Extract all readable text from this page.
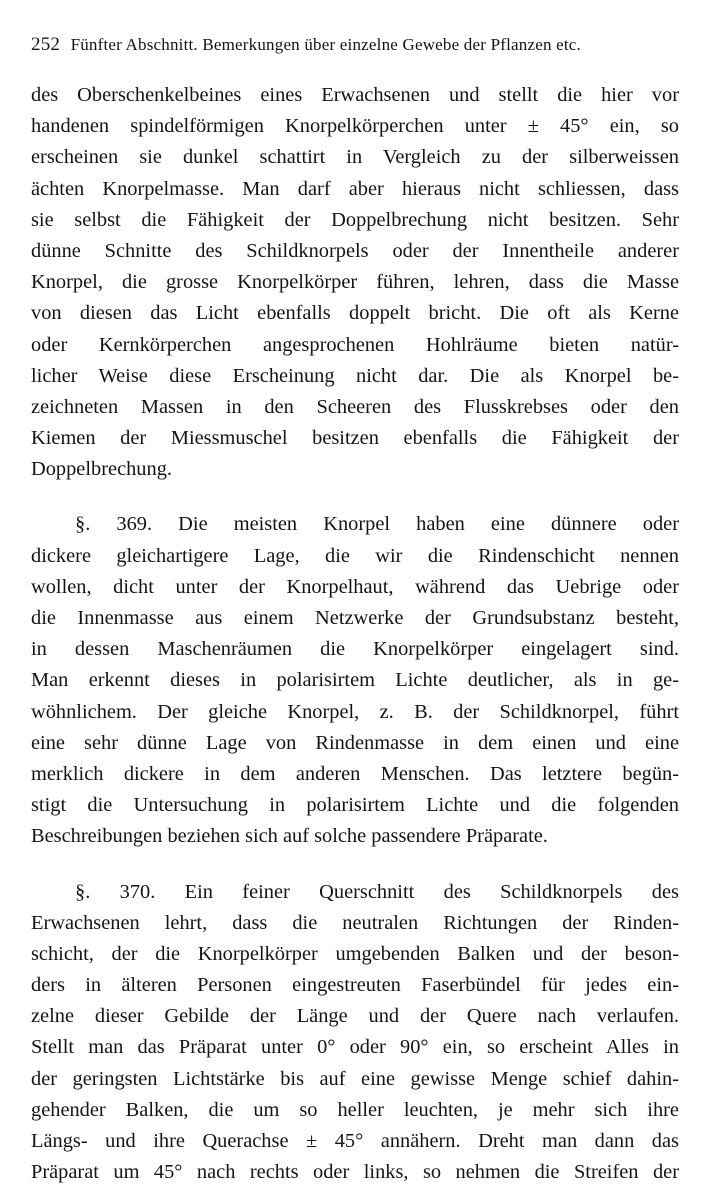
252 Fünfter Abschnitt. Bemerkungen über einzelne Gewebe der Pflanzen etc.
des Oberschenkelbeines eines Erwachsenen und stellt die hier vor
handenen spindelförmigen Knorpelkörperchen unter ± 45° ein, so
erscheinen sie dunkel schattirt in Vergleich zu der silberweissen
ächten Knorpelmasse. Man darf aber hieraus nicht schliessen, dass
sie selbst die Fähigkeit der Doppelbrechung nicht besitzen. Sehr
dünne Schnitte des Schildknorpels oder der Innentheile anderer
Knorpel, die grosse Knorpelkörper führen, lehren, dass die Masse
von diesen das Licht ebenfalls doppelt bricht. Die oft als Kerne
oder Kernkörperchen angesprochenen Hohlräume bieten natür-
licher Weise diese Erscheinung nicht dar. Die als Knorpel be-
zeichneten Massen in den Scheeren des Flusskrebses oder den
Kiemen der Miessmuschel besitzen ebenfalls die Fähigkeit der
Doppelbrechung.
§. 369. Die meisten Knorpel haben eine dünnere oder
dickere gleichartigere Lage, die wir die Rindenschicht nennen
wollen, dicht unter der Knorpelhaut, während das Uebrige oder
die Innenmasse aus einem Netzwerke der Grundsubstanz besteht,
in dessen Maschenräumen die Knorpelkörper eingelagert sind.
Man erkennt dieses in polarisirtem Lichte deutlicher, als in ge-
wöhnlichem. Der gleiche Knorpel, z. B. der Schildknorpel, führt
eine sehr dünne Lage von Rindenmasse in dem einen und eine
merklich dickere in dem anderen Menschen. Das letztere begün-
stigt die Untersuchung in polarisirtem Lichte und die folgenden
Beschreibungen beziehen sich auf solche passendere Präparate.
§. 370. Ein feiner Querschnitt des Schildknorpels des
Erwachsenen lehrt, dass die neutralen Richtungen der Rinden-
schicht, der die Knorpelkörper umgebenden Balken und der beson-
ders in älteren Personen eingestreuten Faserbündel für jedes ein-
zelne dieser Gebilde der Länge und der Quere nach verlaufen.
Stellt man das Präparat unter 0° oder 90° ein, so erscheint Alles in
der geringsten Lichtstärke bis auf eine gewisse Menge schief dahin-
gehender Balken, die um so heller leuchten, je mehr sich ihre
Längs- und ihre Querachse ± 45° annähern. Dreht man dann das
Präparat um 45° nach rechts oder links, so nehmen die Streifen der
